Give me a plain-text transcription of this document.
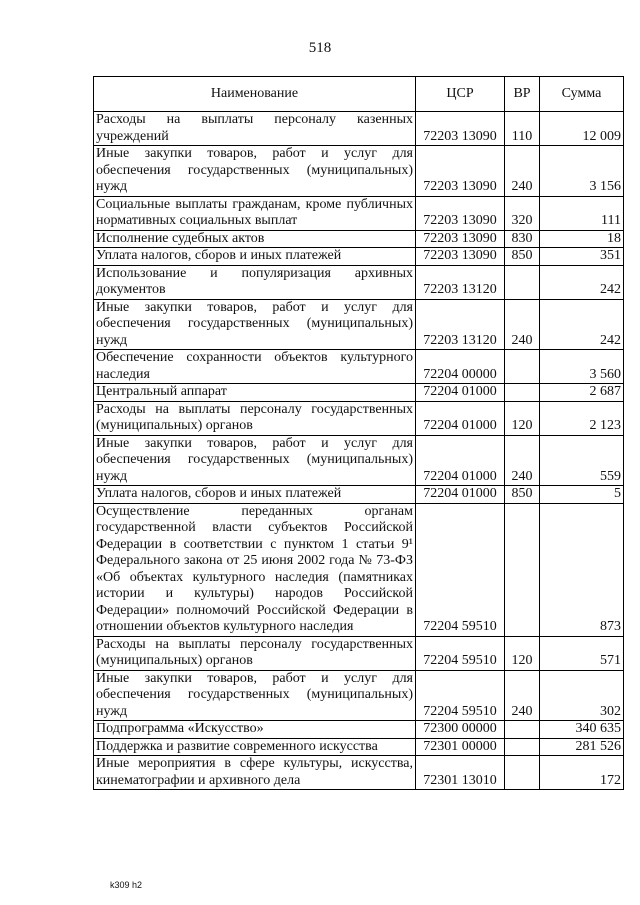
518
Наименование	ЦСР	ВР	Сумма
Расходы на выплаты персоналу казенных учреждений	72203 13090	110	12 009
Иные закупки товаров, работ и услуг для обеспечения государственных (муниципальных) нужд	72203 13090	240	3 156
Социальные выплаты гражданам, кроме публичных нормативных социальных выплат	72203 13090	320	111
Исполнение судебных актов	72203 13090	830	18
Уплата налогов, сборов и иных платежей	72203 13090	850	351
Использование и популяризация архивных документов	72203 13120		242
Иные закупки товаров, работ и услуг для обеспечения государственных (муниципальных) нужд	72203 13120	240	242
Обеспечение сохранности объектов культурного наследия	72204 00000		3 560
Центральный аппарат	72204 01000		2 687
Расходы на выплаты персоналу государственных (муниципальных) органов	72204 01000	120	2 123
Иные закупки товаров, работ и услуг для обеспечения государственных (муниципальных) нужд	72204 01000	240	559
Уплата налогов, сборов и иных платежей	72204 01000	850	5
Осуществление переданных органам государственной власти субъектов Российской Федерации в соответствии с пунктом 1 статьи 9¹ Федерального закона от 25 июня 2002 года № 73-ФЗ «Об объектах культурного наследия (памятниках истории и культуры) народов Российской Федерации» полномочий Российской Федерации в отношении объектов культурного наследия	72204 59510		873
Расходы на выплаты персоналу государственных (муниципальных) органов	72204 59510	120	571
Иные закупки товаров, работ и услуг для обеспечения государственных (муниципальных) нужд	72204 59510	240	302
Подпрограмма «Искусство»	72300 00000		340 635
Поддержка и развитие современного искусства	72301 00000		281 526
Иные мероприятия в сфере культуры, искусства, кинематографии и архивного дела	72301 13010		172
k309 h2
